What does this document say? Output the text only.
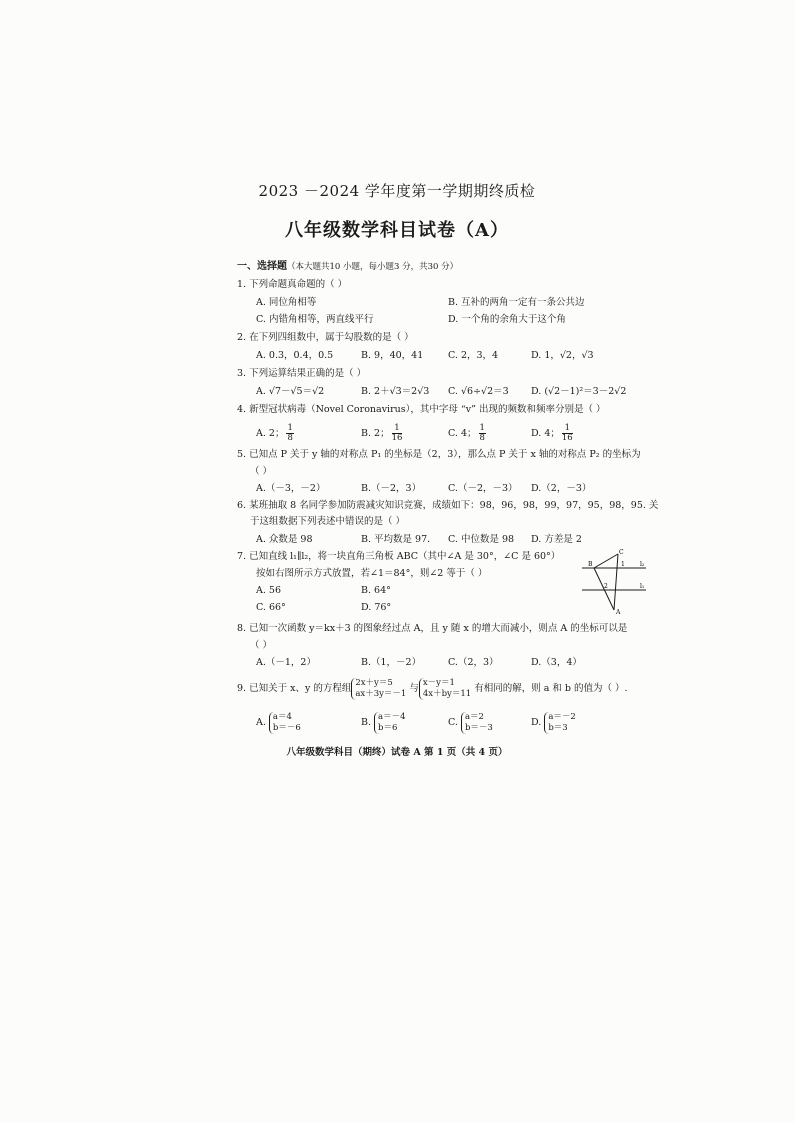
2023 －2024 学年度第一学期期终质检
八年级数学科目试卷（A）
一、选择题（本大题共10 小题，每小题3 分，共30 分）
1. 下列命题真命题的（ ）
A. 同位角相等	B. 互补的两角一定有一条公共边
C. 内错角相等，两直线平行	D. 一个角的余角大于这个角
2. 在下列四组数中，属于勾股数的是（ ）
A. 0.3，0.4，0.5	B. 9，40，41	C. 2，3，4	D. 1，√2，√3
3. 下列运算结果正确的是（ ）
A. √7－√5＝√2	B. 2＋√3＝2√3 C. √6÷√2＝3 D. (√2－1)²＝3－2√2
4. 新型冠状病毒（Novel Coronavirus），其中字母 “v” 出现的频数和频率分别是（ ）
A. 2； $\frac{1}{8}$	B. 2； $\frac{1}{16}$	C. 4； $\frac{1}{8}$	D. 4； $\frac{1}{16}$
5. 已知点 P 关于 y 轴的对称点 P₁ 的坐标是（2，3），那么点 P 关于 x 轴的对称点 P₂ 的坐标为
（ ）
A.（－3，－2）	B.（－2，3）	C.（－2，－3） D.（2，－3）
6. 某班抽取 8 名同学参加防震减灾知识竞赛，成绩如下：98，96，98，99，97，95，98，95. 关
于这组数据下列表述中错误的是（ ）
A. 众数是 98	B. 平均数是 97． C. 中位数是 98 D. 方差是 2
7. 已知直线 l₁∥l₂，将一块直角三角板 ABC（其中∠A 是 30°，∠C 是 60°）
按如右图所示方式放置，若∠1＝84°，则∠2 等于（ ）
A. 56	B. 64°
C. 66°	D. 76°
B
C
A
1
2
l₂
l₁
8. 已知一次函数 y＝kx＋3 的图象经过点 A，且 y 随 x 的增大而减小，则点 A 的坐标可以是
（ ）
A.（－1，2）	B.（1，－2）	C.（2，3）	D.（3，4）
9. 已知关于 x、y 的方程组
2x＋y＝5
ax＋3y＝－1 与
x－y＝1
4x＋by＝11 有相同的解，则 a 和 b 的值为（ ）.
A.
a＝4
b＝－6	B.
a＝－4
b＝6	C.
a＝2
b＝－3	D.
a＝－2
b＝3
八年级数学科目（期终）试卷 A 第 1 页（共 4 页）
